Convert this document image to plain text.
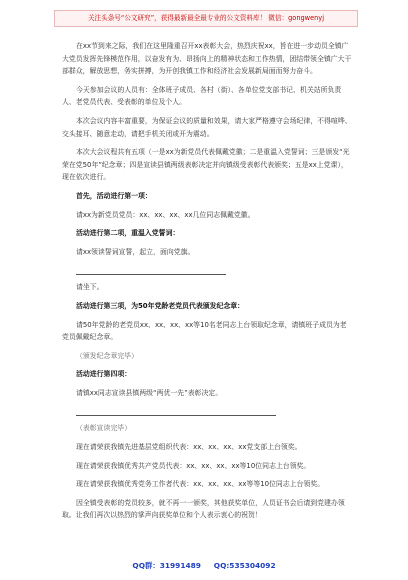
关注头条号“公文研究”，获得最新最全最专业的公文资料库！ 微信：gongwenyj

在xx节到来之际，我们在这里隆重召开xx表彰大会，热烈庆祝xx，旨在进一步动员全镇广大党员发挥先锋模范作用，以奋发有为、昂扬向上的精神状态和工作热情，团结带领全镇广大干部群众，解放思想，务实拼搏，为开创我镇工作和经济社会发展新局面而努力奋斗。

今天参加会议的人员有：全体班子成员、各村（街）、各单位党支部书记、机关站所负责人、老党员代表、受表彰的单位及个人。

本次会议内容丰富重要，为保证会议的质量和效果，请大家严格遵守会场纪律，不得喧哗、交头接耳、随意走动，请把手机关闭或开为震动。

本次大会议程共有五项（一是xx为新党员代表佩戴党徽；二是重温入党誓词；三是颁发“光荣在党50年”纪念章；四是宣读县镇两级表彰决定并向镇级受表彰代表颁奖；五是xx上党课），现在依次进行。

首先，活动进行第一项：

请xx为新党员党员：xx、xx、xx、xx几位同志佩戴党徽。

活动进行第二项，重温入党誓词：

请xx领读誓词宣誓，起立，面向党旗。

请坐下。

活动进行第三项，为50年党龄老党员代表颁发纪念章：

请50年党龄的老党员xx、xx、xx、xx等10名老同志上台领取纪念章，请镇班子成员为老党员佩戴纪念章。

（颁发纪念章完毕）

活动进行第四项：

请镇xx同志宣读县镇两级“两优一先”表彰决定。

（表彰宣读完毕）

现在请荣获我镇先进基层党组织代表：xx、xx、xx、xx党支部上台领奖。

现在请荣获我镇优秀共产党员代表：xx、xx、xx、xx等10位同志上台领奖。

现在请荣获我镇优秀党务工作者代表：xx、xx、xx、xx等等10位同志上台领奖。

因全镇受表彰的党员较多，就不再一一颁奖，其他获奖单位，人员证书会后请到党建办领取。让我们再次以热烈的掌声向获奖单位和个人表示衷心的祝贺！

QQ群：31991489 QQ:535304092
